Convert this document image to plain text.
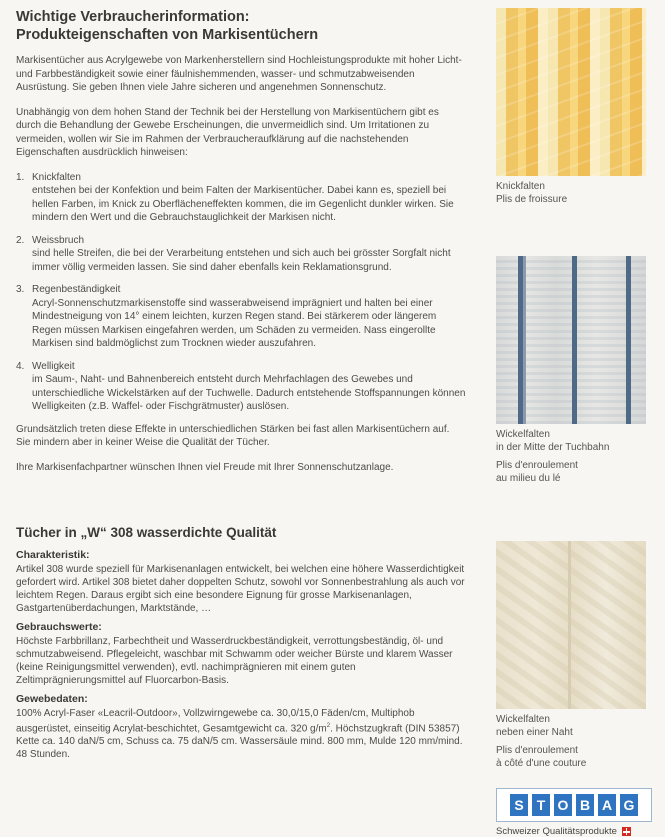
Wichtige Verbraucherinformation:
Produkteigenschaften von Markisentüchern

Markisentücher aus Acrylgewebe von Markenherstellern sind Hochleistungsprodukte mit hoher Licht- und Farbbeständigkeit sowie einer fäulnishemmenden, wasser- und schmutzabweisenden Ausrüstung. Sie geben Ihnen viele Jahre sicheren und angenehmen Sonnenschutz.

Unabhängig von dem hohen Stand der Technik bei der Herstellung von Markisentüchern gibt es durch die Behandlung der Gewebe Erscheinungen, die unvermeidlich sind. Um Irritationen zu vermeiden, wollen wir Sie im Rahmen der Verbraucheraufklärung auf die nachstehenden Eigenschaften ausdrücklich hinweisen:

1. Knickfalten
entstehen bei der Konfektion und beim Falten der Markisentücher. Dabei kann es, speziell bei hellen Farben, im Knick zu Oberflächeneffekten kommen, die im Gegenlicht dunkler wirken. Sie mindern den Wert und die Gebrauchstauglichkeit der Markisen nicht.
2. Weissbruch
sind helle Streifen, die bei der Verarbeitung entstehen und sich auch bei grösster Sorgfalt nicht immer völlig vermeiden lassen. Sie sind daher ebenfalls kein Reklamationsgrund.
3. Regenbeständigkeit
Acryl-Sonnenschutzmarkisenstoffe sind wasserabweisend imprägniert und halten bei einer Mindestneigung von 14° einem leichten, kurzen Regen stand. Bei stärkerem oder längerem Regen müssen Markisen eingefahren werden, um Schäden zu vermeiden. Nass eingerollte Markisen sind baldmöglichst zum Trocknen wieder auszufahren.
4. Welligkeit
im Saum-, Naht- und Bahnenbereich entsteht durch Mehrfachlagen des Gewebes und unterschiedliche Wickelstärken auf der Tuchwelle. Dadurch entstehende Stoffspannungen können Welligkeiten (z.B. Waffel- oder Fischgrätmuster) auslösen.

Grundsätzlich treten diese Effekte in unterschiedlichen Stärken bei fast allen Markisentüchern auf. Sie mindern aber in keiner Weise die Qualität der Tücher.

Ihre Markisenfachpartner wünschen Ihnen viel Freude mit Ihrer Sonnenschutzanlage.

Tücher in „W“ 308 wasserdichte Qualität
Charakteristik:

Artikel 308 wurde speziell für Markisenanlagen entwickelt, bei welchen eine höhere Wasserdichtigkeit gefordert wird. Artikel 308 bietet daher doppelten Schutz, sowohl vor Sonnenbestrahlung als auch vor leichtem Regen. Daraus ergibt sich eine besondere Eignung für grosse Markisenanlagen, Gastgartenüberdachungen, Marktstände, …

Gebrauchswerte:

Höchste Farbbrillanz, Farbechtheit und Wasserdruckbeständigkeit, verrottungsbeständig, öl- und schmutzabweisend. Pflegeleicht, waschbar mit Schwamm oder weicher Bürste und klarem Wasser (keine Reinigungsmittel verwenden), evtl. nachimprägnieren mit einem guten Zeltimprägnierungsmittel auf Fluorcarbon-Basis.

Gewebedaten:

100% Acryl-Faser «Leacril-Outdoor», Vollzwirngewebe ca. 30,0/15,0 Fäden/cm, Multiphob ausgerüstet, einseitig Acrylat-beschichtet, Gesamtgewicht ca. 320 $g/m^2$. Höchstzugkraft (DIN 53857) Kette ca. 140 daN/5 cm, Schuss ca. 75 daN/5 cm. Wassersäule mind. 800 mm, Mulde 120 mm/mind. 48 Stunden.

Knickfalten
Plis de froissure
Wickelfalten
in der Mitte der Tuchbahn
Plis d'enroulement
au milieu du lé
Wickelfalten
neben einer Naht
Plis d'enroulement
à côté d'une couture
S T O B A G
Schweizer Qualitätsprodukte
